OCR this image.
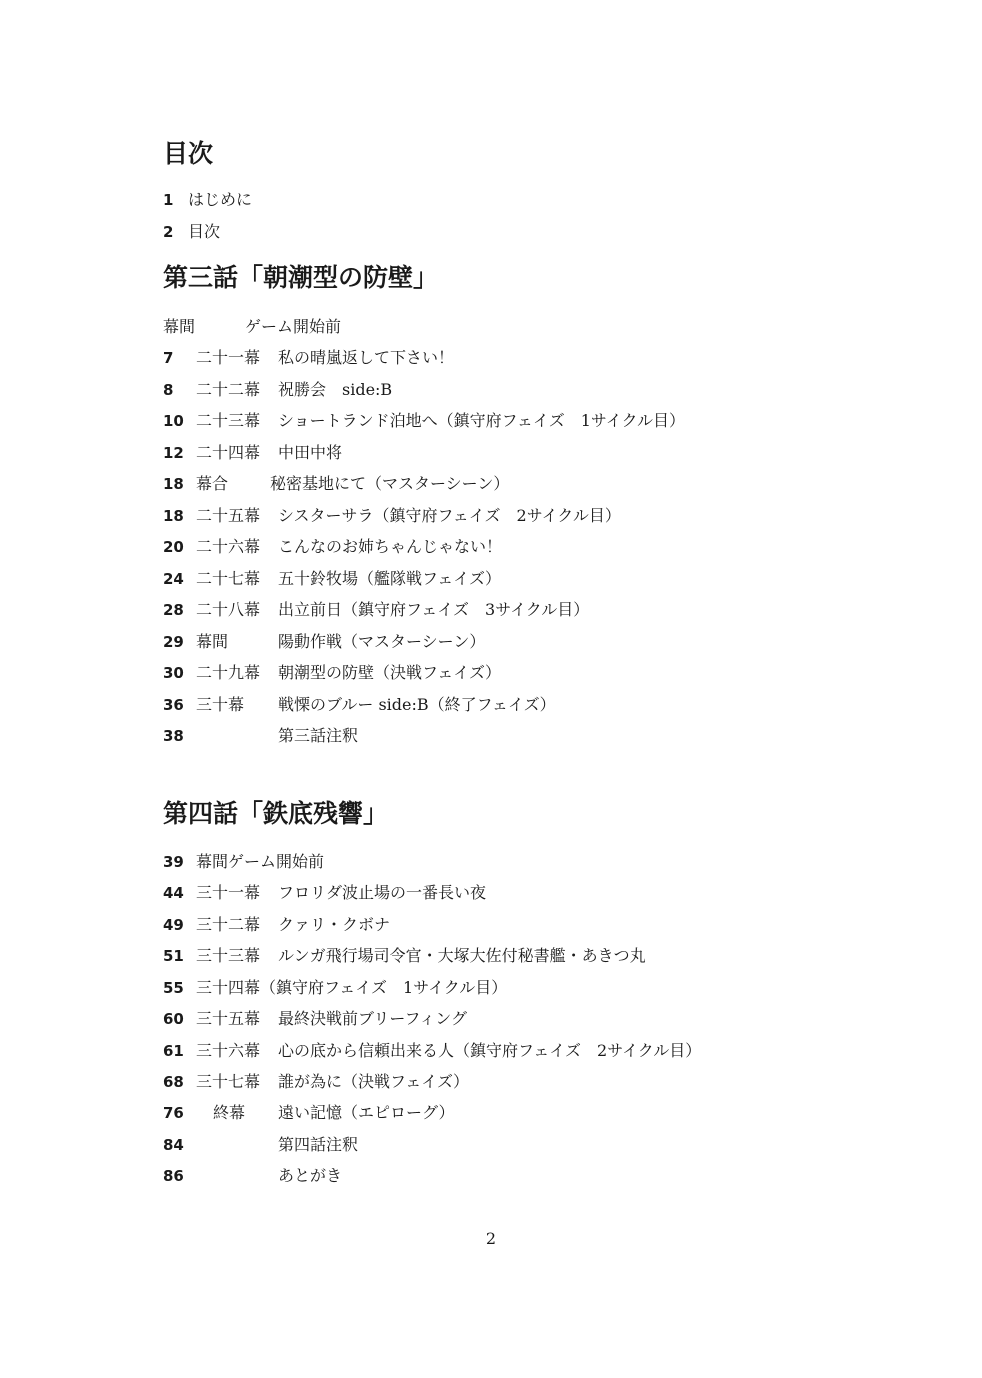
目次
1 はじめに
2 目次
第三話「朝潮型の防壁」
幕間	ゲーム開始前
7 二十一幕 私の晴嵐返して下さい！
8 二十二幕 祝勝会　side:B
10 二十三幕 ショートランド泊地へ（鎮守府フェイズ　1サイクル目）
12 二十四幕 中田中将
18 幕合	秘密基地にて（マスターシーン）
18 二十五幕 シスターサラ（鎮守府フェイズ　2サイクル目）
20 二十六幕 こんなのお姉ちゃんじゃない！
24 二十七幕 五十鈴牧場（艦隊戦フェイズ）
28 二十八幕 出立前日（鎮守府フェイズ　3サイクル目）
29 幕間	陽動作戦（マスターシーン）
30 二十九幕 朝潮型の防壁（決戦フェイズ）
36 三十幕 戦慄のブルー side:B（終了フェイズ）
38	第三話注釈
第四話「鉄底残響」
39 幕間 ゲーム開始前
44 三十一幕 フロリダ波止場の一番長い夜
49 三十二幕 クァリ・クボナ
51 三十三幕 ルンガ飛行場司令官・大塚大佐付秘書艦・あきつ丸
55 三十四幕（鎮守府フェイズ　1サイクル目）
60 三十五幕 最終決戦前ブリーフィング
61 三十六幕 心の底から信頼出来る人（鎮守府フェイズ　2サイクル目）
68 三十七幕 誰が為に（決戦フェイズ）
76 終幕 遠い記憶（エピローグ）
84	第四話注釈
86	あとがき
2
